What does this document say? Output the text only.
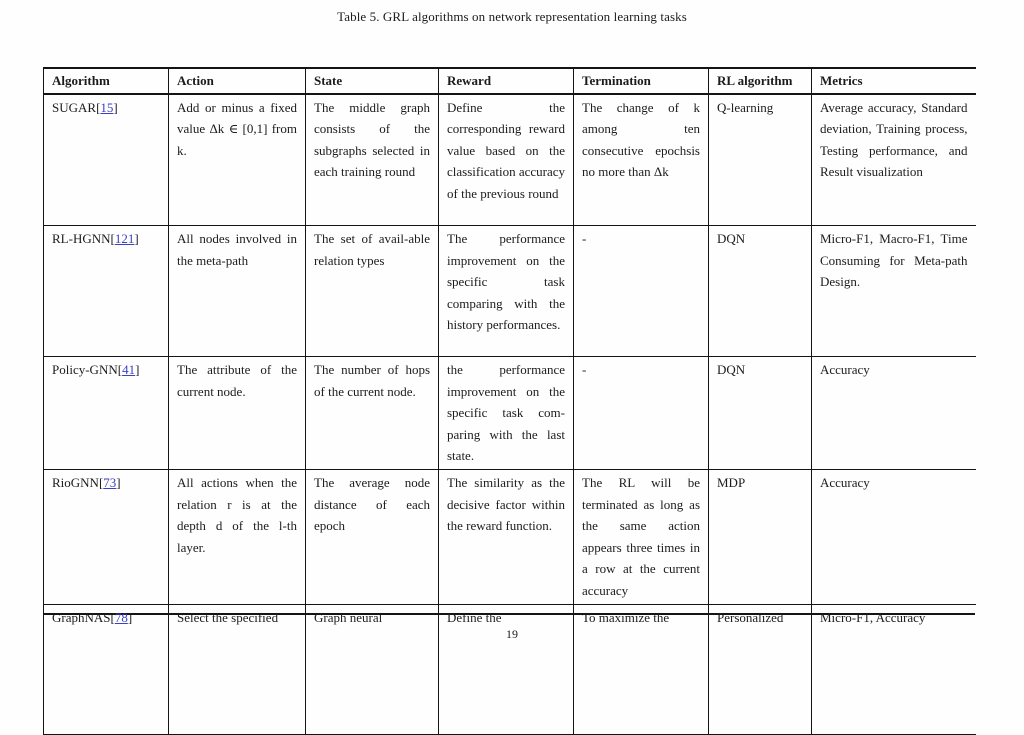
Table 5. GRL algorithms on network representation learning tasks
Algorithm	Action	State	Reward	Termination	RL algorithm	Metrics
SUGAR[15]	Add or minus a fixed value Δk ∈ [0,1] from k.	The middle graph consists of the subgraphs selected in each training round	Define the corresponding reward value based on the classification accuracy of the previous round	The change of k among ten consecutive epochsis no more than Δk	Q-learning	Average accuracy, Standard deviation, Training process, Testing performance, and Result visualization
RL-HGNN[121]	All nodes involved in the meta-path	The set of avail-able relation types	The performance improvement on the specific task comparing with the history performances.	-	DQN	Micro-F1, Macro-F1, Time Consuming for Meta-path Design.
Policy-GNN[41]	The attribute of the current node.	The number of hops of the current node.	the performance improvement on the specific task com-paring with the last state.	-	DQN	Accuracy
RioGNN[73]	All actions when the relation r is at the depth d of the l-th layer.	The average node distance of each epoch	The similarity as the decisive factor within the reward function.	The RL will be terminated as long as the same action appears three times in a row at the current accuracy	MDP	Accuracy
GraphNAS[78]	Select the specified	Graph neural	Define the	To maximize the	Personalized	Micro-F1, Accuracy
19
